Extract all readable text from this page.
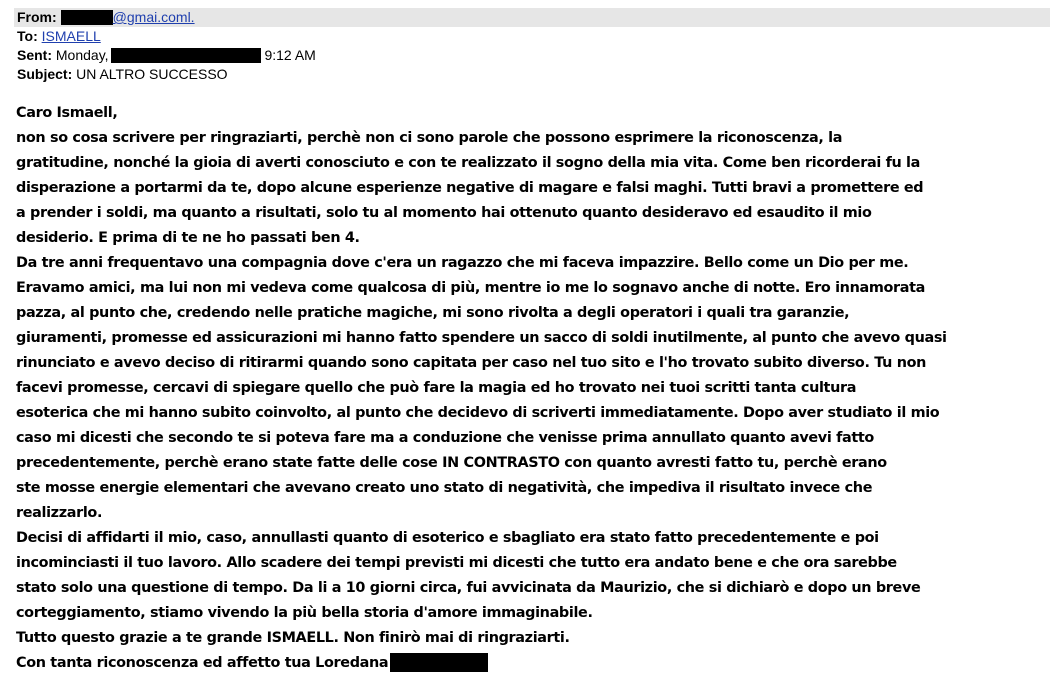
From:	@gmai.coml.
To: ISMAELL
Sent: Monday,	9:12 AM
Subject: UN ALTRO SUCCESSO
Caro Ismaell,
non so cosa scrivere per ringraziarti, perchè non ci sono parole che possono esprimere la riconoscenza, la
gratitudine, nonché la gioia di averti conosciuto e con te realizzato il sogno della mia vita. Come ben ricorderai fu la
disperazione a portarmi da te, dopo alcune esperienze negative di magare e falsi maghi. Tutti bravi a promettere ed
a prender i soldi, ma quanto a risultati, solo tu al momento hai ottenuto quanto desideravo ed esaudito il mio
desiderio. E prima di te ne ho passati ben 4.
Da tre anni frequentavo una compagnia dove c'era un ragazzo che mi faceva impazzire. Bello come un Dio per me.
Eravamo amici, ma lui non mi vedeva come qualcosa di più, mentre io me lo sognavo anche di notte. Ero innamorata
pazza, al punto che, credendo nelle pratiche magiche, mi sono rivolta a degli operatori i quali tra garanzie,
giuramenti, promesse ed assicurazioni mi hanno fatto spendere un sacco di soldi inutilmente, al punto che avevo quasi
rinunciato e avevo deciso di ritirarmi quando sono capitata per caso nel tuo sito e l'ho trovato subito diverso. Tu non
facevi promesse, cercavi di spiegare quello che può fare la magia ed ho trovato nei tuoi scritti tanta cultura
esoterica che mi hanno subito coinvolto, al punto che decidevo di scriverti immediatamente. Dopo aver studiato il mio
caso mi dicesti che secondo te si poteva fare ma a conduzione che venisse prima annullato quanto avevi fatto
precedentemente, perchè erano state fatte delle cose IN CONTRASTO con quanto avresti fatto tu, perchè erano
ste mosse energie elementari che avevano creato uno stato di negatività, che impediva il risultato invece che
realizzarlo.
Decisi di affidarti il mio, caso, annullasti quanto di esoterico e sbagliato era stato fatto precedentemente e poi
incominciasti il tuo lavoro. Allo scadere dei tempi previsti mi dicesti che tutto era andato bene e che ora sarebbe
stato solo una questione di tempo. Da li a 10 giorni circa, fui avvicinata da Maurizio, che si dichiarò e dopo un breve
corteggiamento, stiamo vivendo la più bella storia d'amore immaginabile.
Tutto questo grazie a te grande ISMAELL. Non finirò mai di ringraziarti.
Con tanta riconoscenza ed affetto tua Loredana
